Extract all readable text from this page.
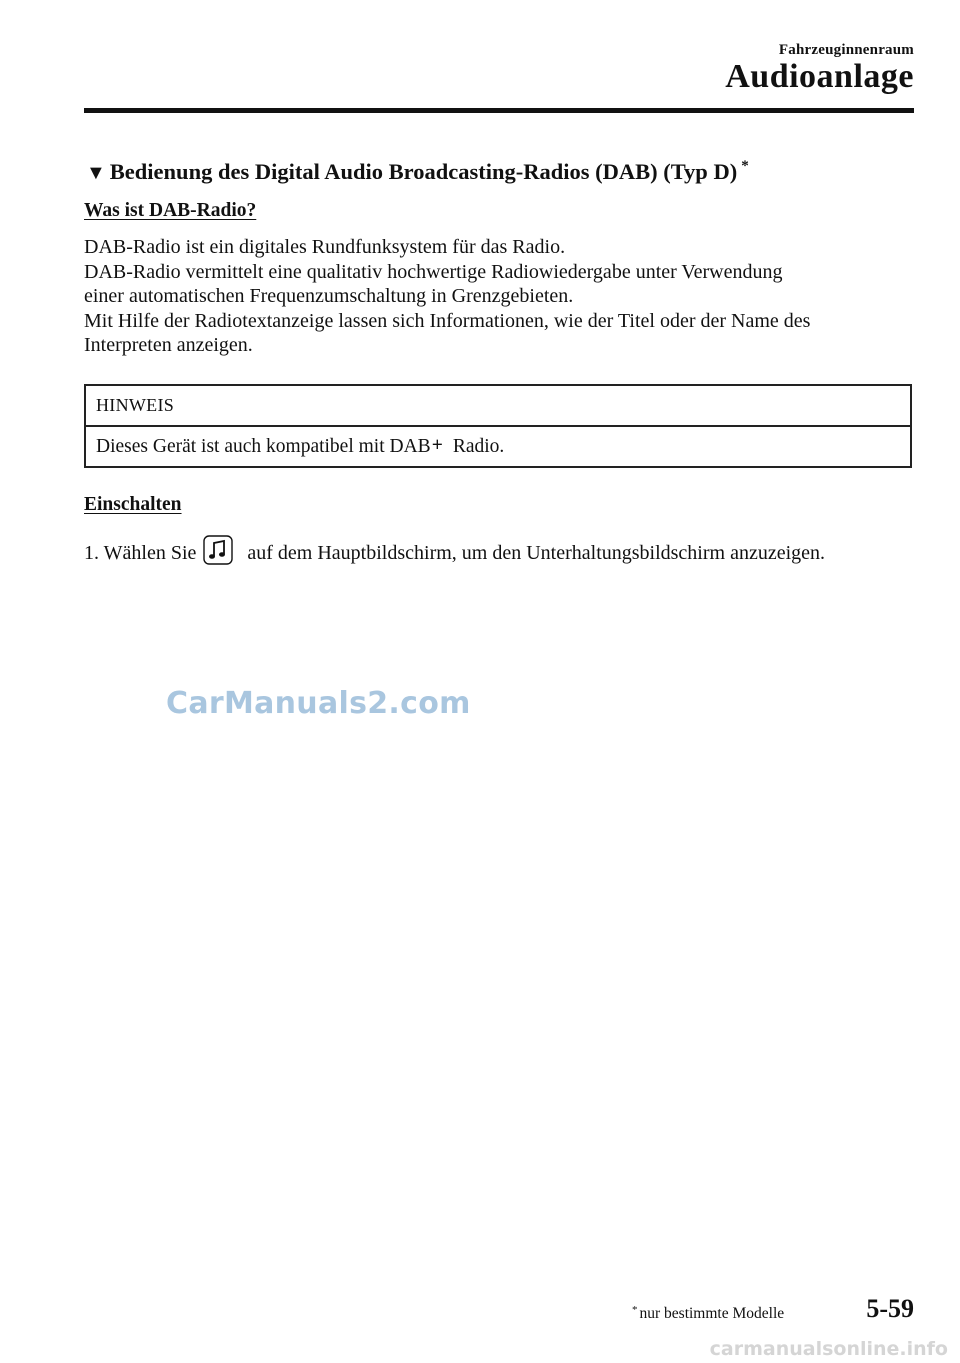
Fahrzeuginnenraum
Audioanlage
▼ Bedienung des Digital Audio Broadcasting-Radios (DAB) (Typ D) *
Was ist DAB-Radio?

DAB-Radio ist ein digitales Rundfunksystem für das Radio.

DAB-Radio vermittelt eine qualitativ hochwertige Radiowiedergabe unter Verwendung

einer automatischen Frequenzumschaltung in Grenzgebieten.

Mit Hilfe der Radiotextanzeige lassen sich Informationen, wie der Titel oder der Name des

Interpreten anzeigen.

HINWEIS
Dieses Gerät ist auch kompatibel mit DAB+ Radio.
Einschalten
1. Wählen Sie	auf dem Hauptbildschirm, um den Unterhaltungsbildschirm anzuzeigen.
CarManuals2.com
* nur bestimmte Modelle	5-59
carmanualsonline.info
